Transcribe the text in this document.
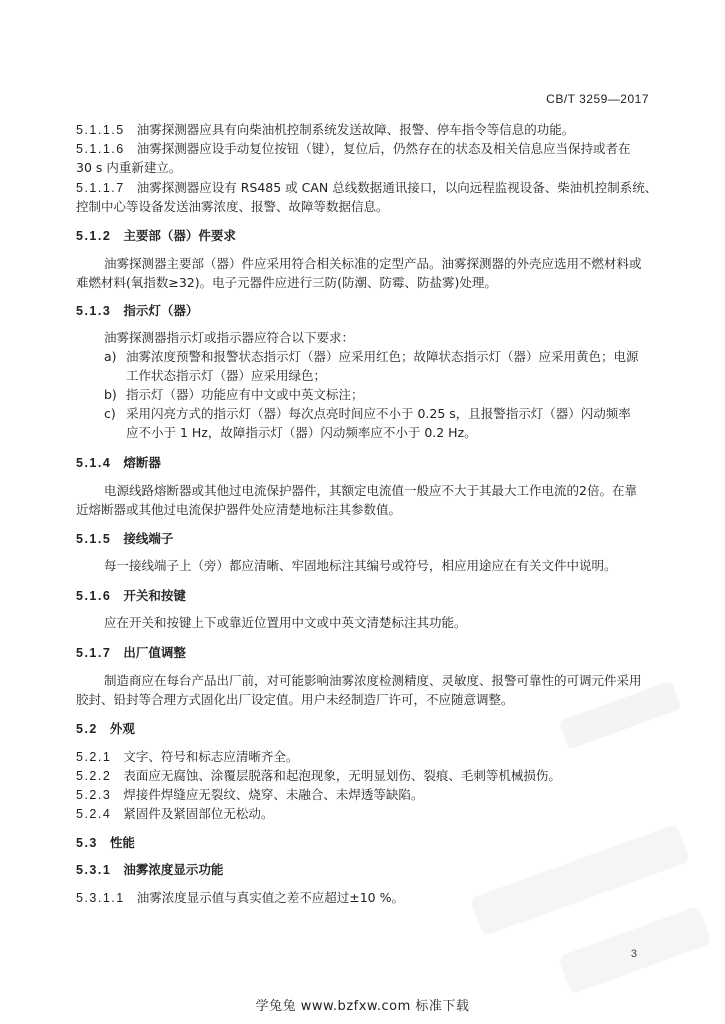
CB/T 3259—2017
5.1.1.5 油雾探测器应具有向柴油机控制系统发送故障、报警、停车指令等信息的功能。
5.1.1.6 油雾探测器应设手动复位按钮（键），复位后，仍然存在的状态及相关信息应当保持或者在
30 s 内重新建立。
5.1.1.7 油雾探测器应设有 RS485 或 CAN 总线数据通讯接口，以向远程监视设备、柴油机控制系统、
控制中心等设备发送油雾浓度、报警、故障等数据信息。
5.1.2 主要部（器）件要求
油雾探测器主要部（器）件应采用符合相关标准的定型产品。油雾探测器的外壳应选用不燃材料或
难燃材料(氧指数≥32)。电子元器件应进行三防(防潮、防霉、防盐雾)处理。
5.1.3 指示灯（器）
油雾探测器指示灯或指示器应符合以下要求：
a) 油雾浓度预警和报警状态指示灯（器）应采用红色；故障状态指示灯（器）应采用黄色；电源
工作状态指示灯（器）应采用绿色；
b) 指示灯（器）功能应有中文或中英文标注；
c) 采用闪亮方式的指示灯（器）每次点亮时间应不小于 0.25 s，且报警指示灯（器）闪动频率
应不小于 1 Hz，故障指示灯（器）闪动频率应不小于 0.2 Hz。
5.1.4 熔断器
电源线路熔断器或其他过电流保护器件，其额定电流值一般应不大于其最大工作电流的2倍。在靠
近熔断器或其他过电流保护器件处应清楚地标注其参数值。
5.1.5 接线端子
每一接线端子上（旁）都应清晰、牢固地标注其编号或符号，相应用途应在有关文件中说明。
5.1.6 开关和按键
应在开关和按键上下或靠近位置用中文或中英文清楚标注其功能。
5.1.7 出厂值调整
制造商应在每台产品出厂前，对可能影响油雾浓度检测精度、灵敏度、报警可靠性的可调元件采用
胶封、铅封等合理方式固化出厂设定值。用户未经制造厂许可，不应随意调整。
5.2 外观
5.2.1 文字、符号和标志应清晰齐全。
5.2.2 表面应无腐蚀、涂覆层脱落和起泡现象，无明显划伤、裂痕、毛刺等机械损伤。
5.2.3 焊接件焊缝应无裂纹、烧穿、未融合、未焊透等缺陷。
5.2.4 紧固件及紧固部位无松动。
5.3 性能
5.3.1 油雾浓度显示功能
5.3.1.1 油雾浓度显示值与真实值之差不应超过±10 %。
3
学兔兔 www.bzfxw.com 标准下载
